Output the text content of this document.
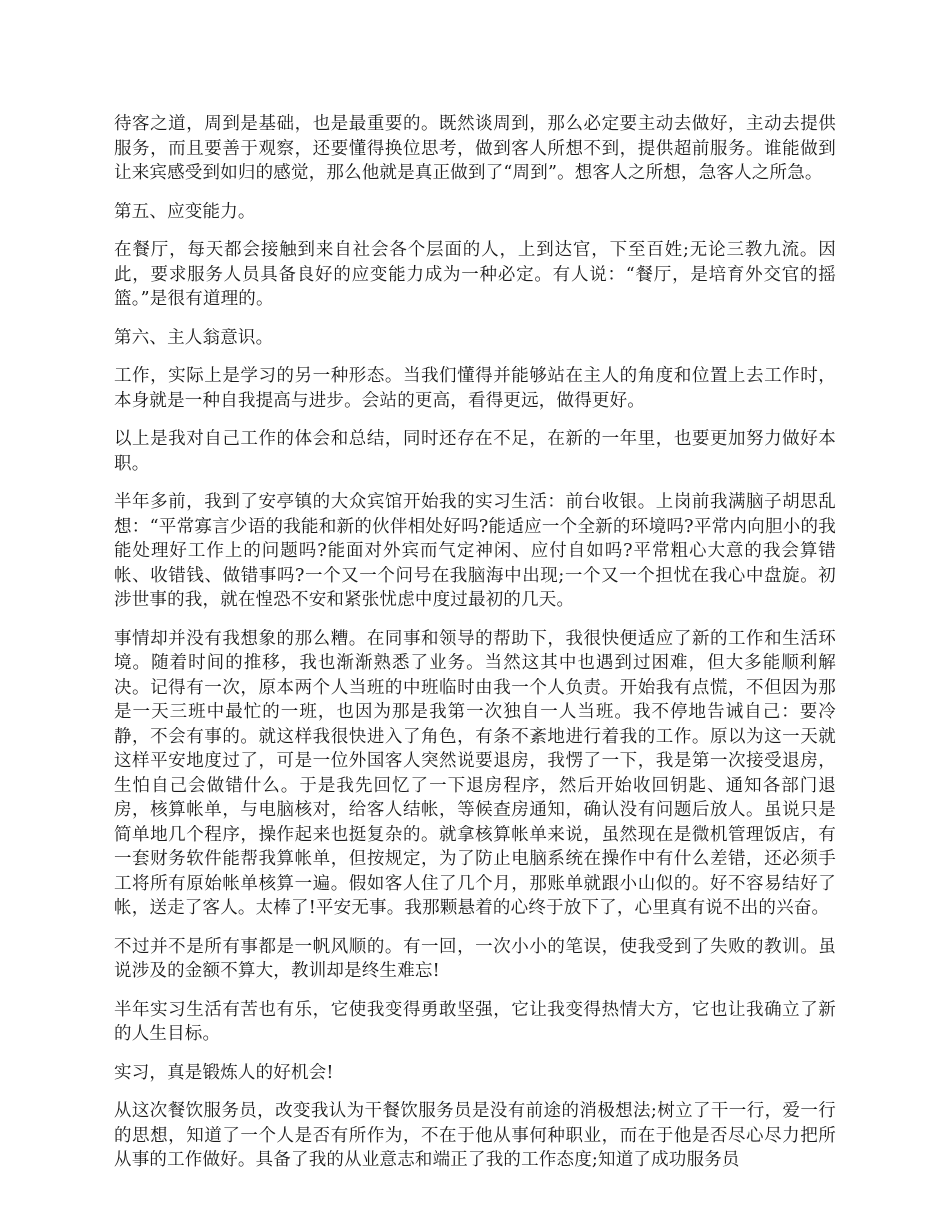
待客之道，周到是基础，也是最重要的。既然谈周到，那么必定要主动去做好，主动去提供服务，而且要善于观察，还要懂得换位思考，做到客人所想不到，提供超前服务。谁能做到让来宾感受到如归的感觉，那么他就是真正做到了“周到”。想客人之所想，急客人之所急。

第五、应变能力。

在餐厅，每天都会接触到来自社会各个层面的人，上到达官，下至百姓;无论三教九流。因此，要求服务人员具备良好的应变能力成为一种必定。有人说：“餐厅，是培育外交官的摇篮。”是很有道理的。

第六、主人翁意识。

工作，实际上是学习的另一种形态。当我们懂得并能够站在主人的角度和位置上去工作时，本身就是一种自我提高与进步。会站的更高，看得更远，做得更好。

以上是我对自己工作的体会和总结，同时还存在不足，在新的一年里，也要更加努力做好本职。

半年多前，我到了安亭镇的大众宾馆开始我的实习生活：前台收银。上岗前我满脑子胡思乱想：“平常寡言少语的我能和新的伙伴相处好吗?能适应一个全新的环境吗?平常内向胆小的我能处理好工作上的问题吗?能面对外宾而气定神闲、应付自如吗?平常粗心大意的我会算错帐、收错钱、做错事吗?一个又一个问号在我脑海中出现;一个又一个担忧在我心中盘旋。初涉世事的我，就在惶恐不安和紧张忧虑中度过最初的几天。

事情却并没有我想象的那么糟。在同事和领导的帮助下，我很快便适应了新的工作和生活环境。随着时间的推移，我也渐渐熟悉了业务。当然这其中也遇到过困难，但大多能顺利解决。记得有一次，原本两个人当班的中班临时由我一个人负责。开始我有点慌，不但因为那是一天三班中最忙的一班，也因为那是我第一次独自一人当班。我不停地告诫自己：要冷静，不会有事的。就这样我很快进入了角色，有条不紊地进行着我的工作。原以为这一天就这样平安地度过了，可是一位外国客人突然说要退房，我愣了一下，我是第一次接受退房，生怕自己会做错什么。于是我先回忆了一下退房程序，然后开始收回钥匙、通知各部门退房，核算帐单，与电脑核对，给客人结帐，等候查房通知，确认没有问题后放人。虽说只是简单地几个程序，操作起来也挺复杂的。就拿核算帐单来说，虽然现在是微机管理饭店，有一套财务软件能帮我算帐单，但按规定，为了防止电脑系统在操作中有什么差错，还必须手工将所有原始帐单核算一遍。假如客人住了几个月，那账单就跟小山似的。好不容易结好了帐，送走了客人。太棒了!平安无事。我那颗悬着的心终于放下了，心里真有说不出的兴奋。

不过并不是所有事都是一帆风顺的。有一回，一次小小的笔误，使我受到了失败的教训。虽说涉及的金额不算大，教训却是终生难忘!

半年实习生活有苦也有乐，它使我变得勇敢坚强，它让我变得热情大方，它也让我确立了新的人生目标。

实习，真是锻炼人的好机会!

从这次餐饮服务员，改变我认为干餐饮服务员是没有前途的消极想法;树立了干一行，爱一行的思想，知道了一个人是否有所作为，不在于他从事何种职业，而在于他是否尽心尽力把所从事的工作做好。具备了我的从业意志和端正了我的工作态度;知道了成功服务员
